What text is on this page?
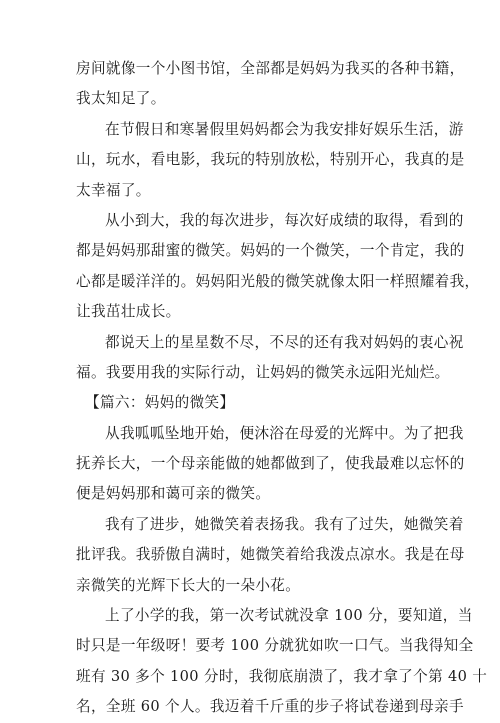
房间就像一个小图书馆，全部都是妈妈为我买的各种书籍，
我太知足了。
在节假日和寒暑假里妈妈都会为我安排好娱乐生活，游
山，玩水，看电影，我玩的特别放松，特别开心，我真的是
太幸福了。
从小到大，我的每次进步，每次好成绩的取得，看到的
都是妈妈那甜蜜的微笑。妈妈的一个微笑，一个肯定，我的
心都是暖洋洋的。妈妈阳光般的微笑就像太阳一样照耀着我，
让我茁壮成长。
都说天上的星星数不尽，不尽的还有我对妈妈的衷心祝
福。我要用我的实际行动，让妈妈的微笑永远阳光灿烂。
【篇六：妈妈的微笑】
从我呱呱坠地开始，便沐浴在母爱的光辉中。为了把我
抚养长大，一个母亲能做的她都做到了，使我最难以忘怀的
便是妈妈那和蔼可亲的微笑。
我有了进步，她微笑着表扬我。我有了过失，她微笑着
批评我。我骄傲自满时，她微笑着给我泼点凉水。我是在母
亲微笑的光辉下长大的一朵小花。
上了小学的我，第一次考试就没拿 100 分，要知道，当
时只是一年级呀！要考 100 分就犹如吹一口气。当我得知全
班有 30 多个 100 分时，我彻底崩溃了，我才拿了个第 40 十
名，全班 60 个人。我迈着千斤重的步子将试卷递到母亲手
